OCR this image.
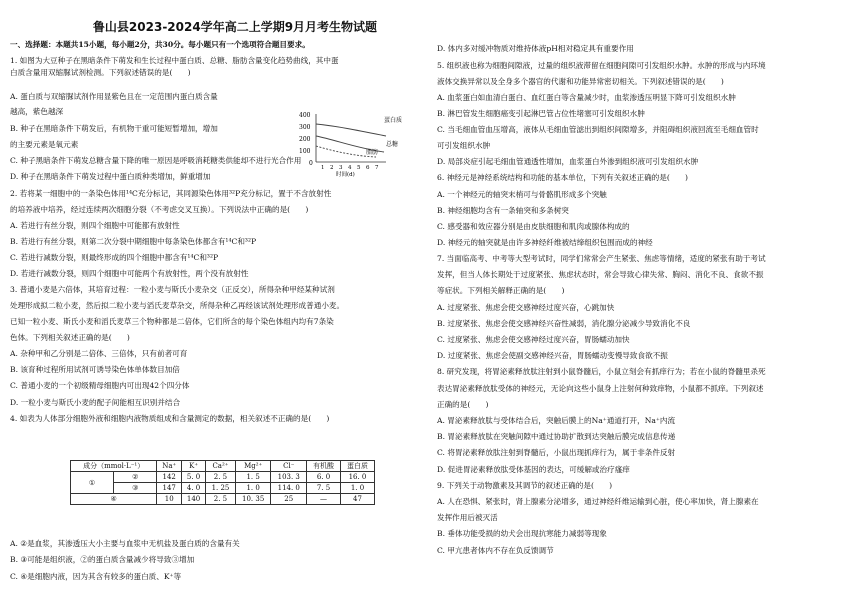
鲁山县2023-2024学年高二上学期9月月考生物试题
一、选择题：本题共15小题，每小题2分，共30分。每小题只有一个选项符合题目要求。
1. 如图为大豆种子在黑暗条件下萌发和生长过程中蛋白质、总糖、脂肪含量变化趋势曲线，其中蛋
白质含量用双缩脲试剂检测。下列叙述错误的是(　　)
A. 蛋白质与双缩脲试剂作用显紫色且在一定范围内蛋白质含量
越高，紫色越深
B. 种子在黑暗条件下萌发后，有机物干重可能短暂增加，增加
的主要元素是氧元素
C. 种子黑暗条件下萌发总糖含量下降的唯一原因是呼吸消耗糖类供能却不进行光合作用
D. 种子在黑暗条件下萌发过程中蛋白质种类增加，鲜重增加
2. 若将某一细胞中的一条染色体用¹⁴C充分标记，其同源染色体用³²P充分标记，置于不含放射性
的培养液中培养，经过连续两次细胞分裂（不考虑交叉互换）。下列说法中正确的是(　　)
A. 若进行有丝分裂，则四个细胞中可能都有放射性
B. 若进行有丝分裂，则第二次分裂中期细胞中每条染色体都含有¹⁴C和³²P
C. 若进行减数分裂，则最终形成的四个细胞中都含有¹⁴C和³²P
D. 若进行减数分裂，则四个细胞中可能两个有放射性，两个没有放射性
3. 普通小麦是六倍体，其培育过程：一粒小麦与斯氏小麦杂交（正反交），所得杂种甲经某种试剂
处理形成拟二粒小麦，然后拟二粒小麦与滔氏麦草杂交，所得杂种乙再经该试剂处理形成普通小麦。
已知一粒小麦、斯氏小麦和滔氏麦草三个物种都是二倍体，它们所含的每个染色体组内均有7条染
色体。下列相关叙述正确的是(　　)
A. 杂种甲和乙分别是二倍体、三倍体，只有前者可育
B. 该育种过程所用试剂可诱导染色体单体数目加倍
C. 普通小麦的一个初级精母细胞内可出现42个四分体
D. 一粒小麦与斯氏小麦的配子间能相互识别并结合
4. 如表为人体部分细胞外液和细胞内液物质组成和含量测定的数据，相关叙述不正确的是(　　)
A. ②是血浆，其渗透压大小主要与血浆中无机盐及蛋白质的含量有关
B. ③可能是组织液，②的蛋白质含量减少将导致③增加
C. ④是细胞内液，因为其含有较多的蛋白质、K⁺等
D. 体内多对缓冲物质对维持体液pH相对稳定具有重要作用
5. 组织液也称为细胞间隙液，过量的组织液滞留在细胞间隙可引发组织水肿。水肿的形成与内环境
液体交换异常以及全身多个器官的代谢和功能异常密切相关。下列叙述错误的是(　　)
A. 血浆蛋白如血清白蛋白、血红蛋白等含量减少时，血浆渗透压明显下降可引发组织水肿
B. 淋巴管发生细胞癌变引起淋巴管占位性堵塞可引发组织水肿
C. 当毛细血管血压增高，液体从毛细血管滤出到组织间隙增多，并阻碍组织液回流至毛细血管时
可引发组织水肿
D. 局部炎症引起毛细血管通透性增加，血浆蛋白外渗到组织液可引发组织水肿
6. 神经元是神经系统结构和功能的基本单位，下列有关叙述正确的是(　　)
A. 一个神经元的轴突末梢可与骨骼肌形成多个突触
B. 神经细胞均含有一条轴突和多条树突
C. 感受器和效应器分别是由皮肤细胞和肌肉或腺体构成的
D. 神经元的轴突就是由许多神经纤维被结缔组织包围而成的神经
7. 当面临高考、中考等大型考试时，同学们常常会产生紧张、焦虑等情绪，适度的紧张有助于考试
发挥，但当人体长期处于过度紧张、焦虑状态时，常会导致心律失常、胸闷、消化不良、食欲不振
等症状。下列相关解释正确的是(　　)
A. 过度紧张、焦虑会使交感神经过度兴奋，心跳加快
B. 过度紧张、焦虑会使交感神经兴奋性减弱，消化腺分泌减少导致消化不良
C. 过度紧张、焦虑会使交感神经过度兴奋，胃肠蠕动加快
D. 过度紧张、焦虑会使副交感神经兴奋，胃肠蠕动变慢导致食欲不振
8. 研究发现，将胃泌素释放肽注射到小鼠脊髓后，小鼠立刻会有抓痒行为；若在小鼠的脊髓里杀死
表达胃泌素释放肽受体的神经元，无论向这些小鼠身上注射何种致痒物，小鼠都不抓痒。下列叙述
正确的是(　　)
A. 胃泌素释放肽与受体结合后，突触后膜上的Na⁺通道打开，Na⁺内流
B. 胃泌素释放肽在突触间隙中通过协助扩散到达突触后膜完成信息传递
C. 将胃泌素释放肽注射到脊髓后，小鼠出现抓痒行为，属于非条件反射
D. 促进胃泌素释放肽受体基因的表达，可缓解或治疗瘙痒
9. 下列关于动物激素及其调节的叙述正确的是(　　)
A. 人在恐惧、紧张时，肾上腺素分泌增多，通过神经纤维运输到心脏，使心率加快，肾上腺素在
发挥作用后被灭活
B. 垂体功能受损的幼犬会出现抗寒能力减弱等现象
C. 甲亢患者体内不存在负反馈调节
400
300
200
100
0
1 2 3 4 5 6 7
时间(d)
蛋白质
总糖
脂肪
成分（mmol·L⁻¹）		Na⁺	K⁺	Ca²⁺	Mg²⁺	Cl⁻	有机酸	蛋白质
①	②	142	5. 0	2. 5	1. 5	103. 3	6. 0	16. 0
	③	147	4. 0	1. 25	1. 0	114. 0	7. 5	1. 0
④		10	140	2. 5	10. 35	25	—	47
